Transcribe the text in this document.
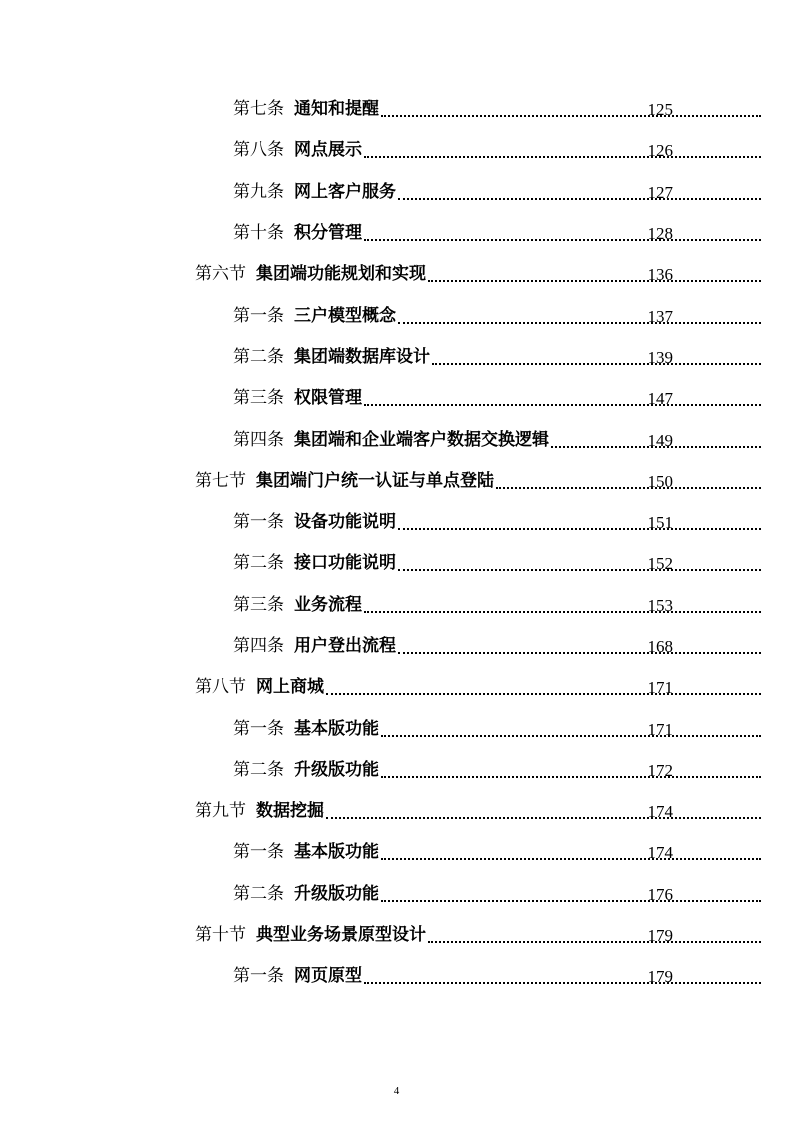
第七条 通知和提醒	125
第八条 网点展示	126
第九条 网上客户服务	127
第十条 积分管理	128
第六节 集团端功能规划和实现	136
第一条 三户模型概念	137
第二条 集团端数据库设计	139
第三条 权限管理	147
第四条 集团端和企业端客户数据交换逻辑	149
第七节 集团端门户统一认证与单点登陆	150
第一条 设备功能说明	151
第二条 接口功能说明	152
第三条 业务流程	153
第四条 用户登出流程	168
第八节 网上商城	171
第一条 基本版功能	171
第二条 升级版功能	172
第九节 数据挖掘	174
第一条 基本版功能	174
第二条 升级版功能	176
第十节 典型业务场景原型设计	179
第一条 网页原型	179
4
